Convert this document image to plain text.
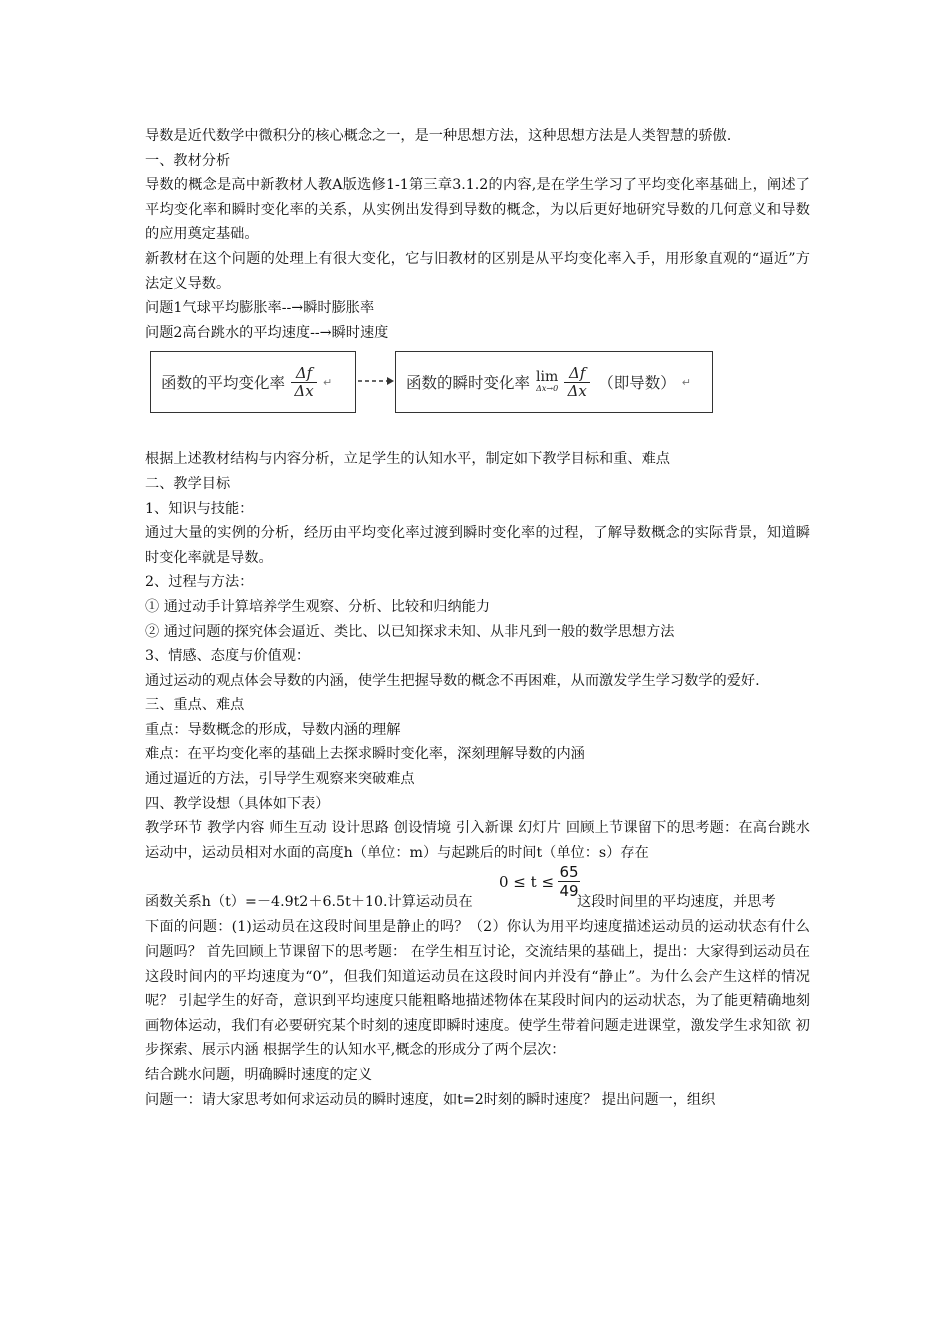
导数是近代数学中微积分的核心概念之一，是一种思想方法，这种思想方法是人类智慧的骄傲.

一、教材分析

导数的概念是高中新教材人教A版选修1-1第三章3.1.2的内容,是在学生学习了平均变化率基础上，阐述了平均变化率和瞬时变化率的关系，从实例出发得到导数的概念，为以后更好地研究导数的几何意义和导数的应用奠定基础。

新教材在这个问题的处理上有很大变化，它与旧教材的区别是从平均变化率入手，用形象直观的“逼近”方法定义导数。

问题1气球平均膨胀率--→瞬时膨胀率

问题2高台跳水的平均速度--→瞬时速度

函数的平均变化率 $\frac{\Delta f}{\Delta x}$ ↵	函数的瞬时变化率 lim
$\Delta x\to 0 \frac{\Delta f}{\Delta x}$ （即导数） ↵

根据上述教材结构与内容分析，立足学生的认知水平，制定如下教学目标和重、难点

二、教学目标

1、知识与技能：

通过大量的实例的分析，经历由平均变化率过渡到瞬时变化率的过程，了解导数概念的实际背景，知道瞬时变化率就是导数。

2、过程与方法：

① 通过动手计算培养学生观察、分析、比较和归纳能力

② 通过问题的探究体会逼近、类比、以已知探求未知、从非凡到一般的数学思想方法

3、情感、态度与价值观：

通过运动的观点体会导数的内涵，使学生把握导数的概念不再困难，从而激发学生学习数学的爱好.

三、重点、难点

重点：导数概念的形成，导数内涵的理解

难点：在平均变化率的基础上去探求瞬时变化率，深刻理解导数的内涵

通过逼近的方法，引导学生观察来突破难点

四、教学设想（具体如下表）

教学环节 教学内容 师生互动 设计思路 创设情境 引入新课 幻灯片 回顾上节课留下的思考题：在高台跳水运动中，运动员相对水面的高度h（单位：m）与起跳后的时间t（单位：s）存在

函数关系h（t）=－4.9t2＋6.5t＋10.计算运动员在
0 ≤ t ≤
65
49
这段时间里的平均速度，并思考

下面的问题：(1)运动员在这段时间里是静止的吗？（2）你认为用平均速度描述运动员的运动状态有什么问题吗？ 首先回顾上节课留下的思考题： 在学生相互讨论，交流结果的基础上，提出：大家得到运动员在这段时间内的平均速度为“0”，但我们知道运动员在这段时间内并没有“静止”。为什么会产生这样的情况呢？ 引起学生的好奇，意识到平均速度只能粗略地描述物体在某段时间内的运动状态，为了能更精确地刻画物体运动，我们有必要研究某个时刻的速度即瞬时速度。使学生带着问题走进课堂，激发学生求知欲 初步探索、展示内涵 根据学生的认知水平,概念的形成分了两个层次：

结合跳水问题，明确瞬时速度的定义

问题一：请大家思考如何求运动员的瞬时速度，如t=2时刻的瞬时速度？ 提出问题一，组织
